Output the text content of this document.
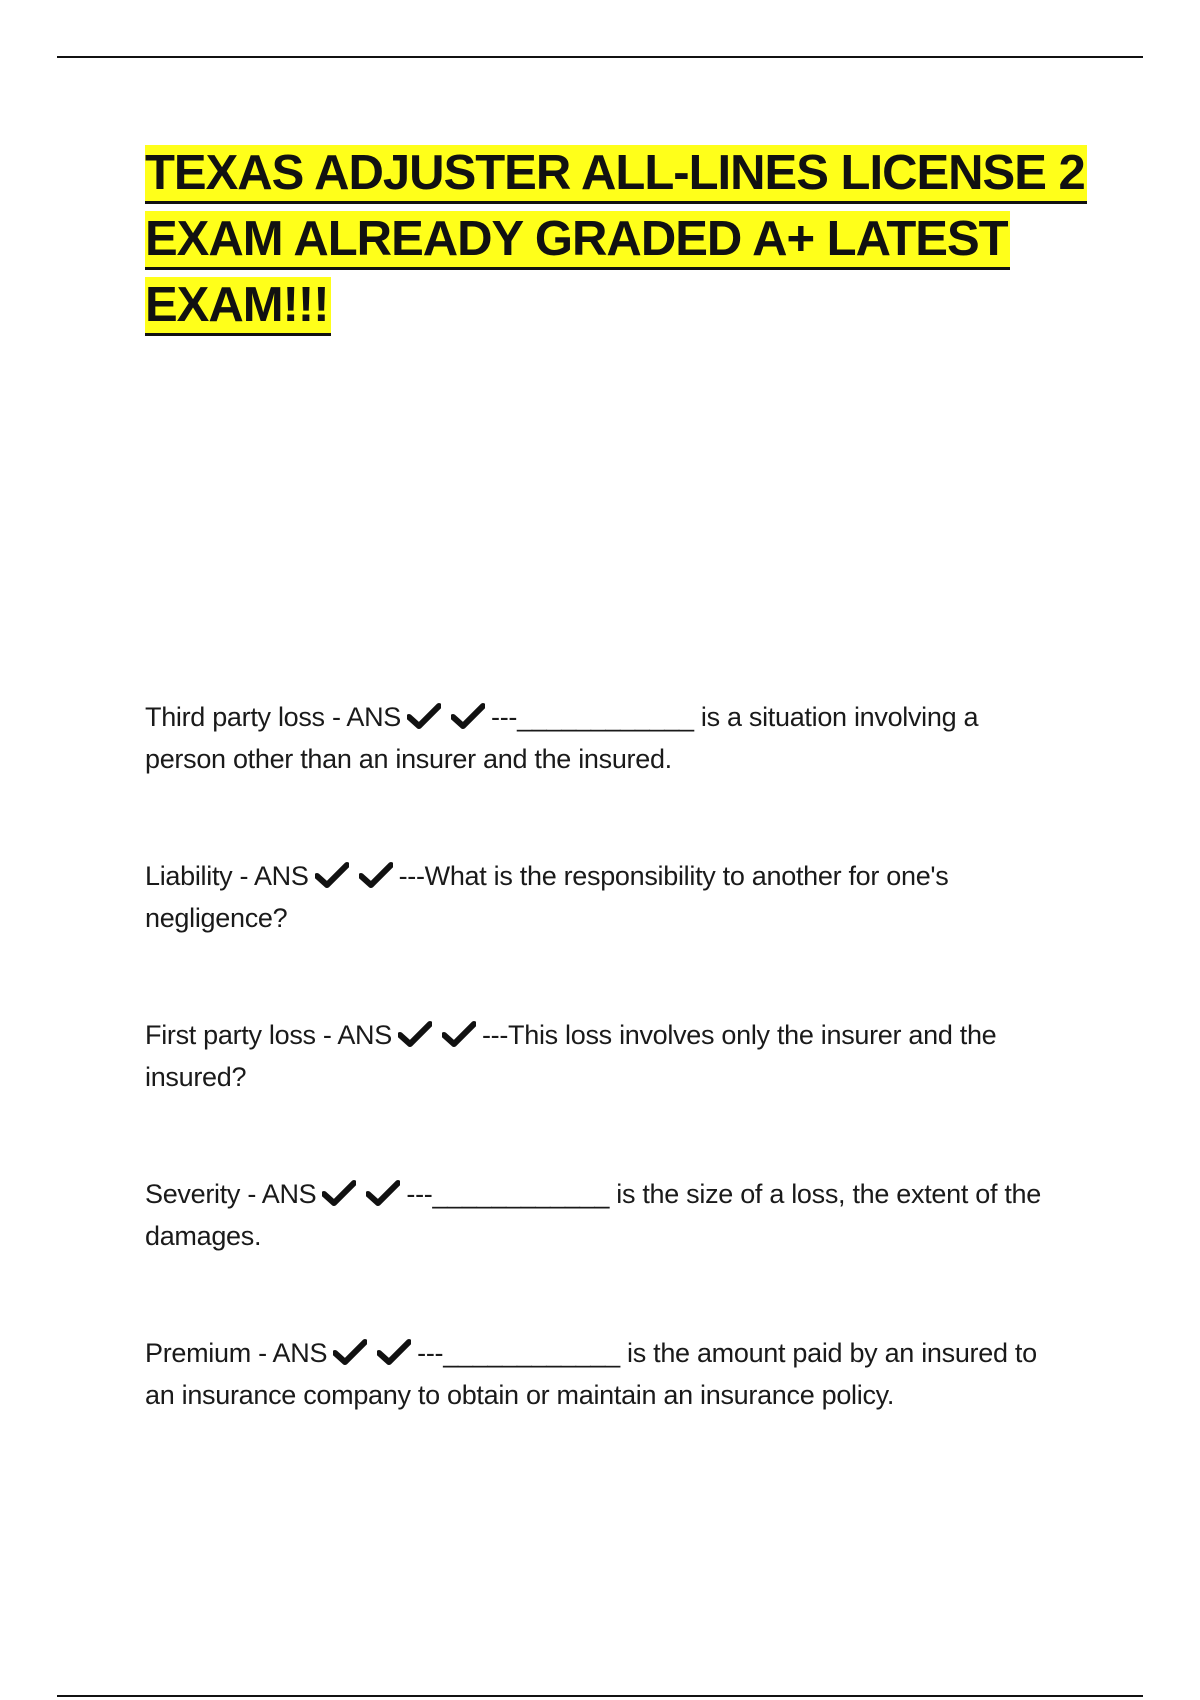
TEXAS ADJUSTER ALL-LINES LICENSE 2
EXAM ALREADY GRADED A+ LATEST
EXAM!!!
Third party loss - ANS	---____________ is a situation involving a person other than an insurer and the insured.
Liability - ANS	---What is the responsibility to another for one's negligence?
First party loss - ANS	---This loss involves only the insurer and the insured?
Severity - ANS	---____________ is the size of a loss, the extent of the damages.
Premium - ANS	---____________ is the amount paid by an insured to an insurance company to obtain or maintain an insurance policy.
